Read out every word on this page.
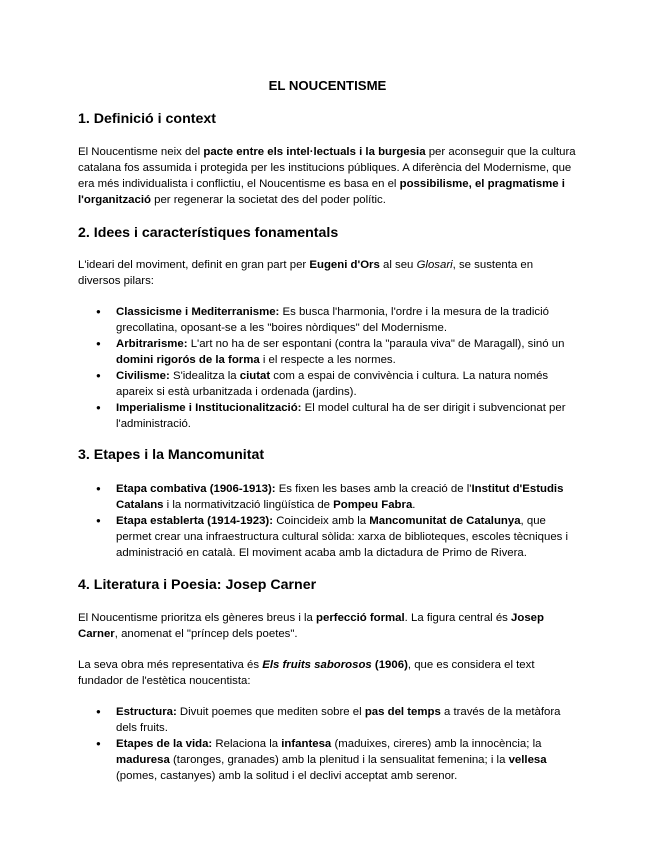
EL NOUCENTISME
1. Definició i context

El Noucentisme neix del pacte entre els intel·lectuals i la burgesia per aconseguir que la cultura catalana fos assumida i protegida per les institucions públiques. A diferència del Modernisme, que era més individualista i conflictiu, el Noucentisme es basa en el possibilisme, el pragmatisme i l'organització per regenerar la societat des del poder polític.

2. Idees i característiques fonamentals

L'ideari del moviment, definit en gran part per Eugeni d'Ors al seu Glosari, se sustenta en diversos pilars:

● Classicisme i Mediterranisme: Es busca l'harmonia, l'ordre i la mesura de la tradició grecollatina, oposant-se a les "boires nòrdiques" del Modernisme.
● Arbitrarisme: L'art no ha de ser espontani (contra la "paraula viva" de Maragall), sinó un domini rigorós de la forma i el respecte a les normes.
● Civilisme: S'idealitza la ciutat com a espai de convivència i cultura. La natura només apareix si està urbanitzada i ordenada (jardins).
● Imperialisme i Institucionalització: El model cultural ha de ser dirigit i subvencionat per l'administració.
3. Etapes i la Mancomunitat
● Etapa combativa (1906-1913): Es fixen les bases amb la creació de l'Institut d'Estudis Catalans i la normativització lingüística de Pompeu Fabra.
● Etapa establerta (1914-1923): Coincideix amb la Mancomunitat de Catalunya, que permet crear una infraestructura cultural sòlida: xarxa de biblioteques, escoles tècniques i administració en català. El moviment acaba amb la dictadura de Primo de Rivera.
4. Literatura i Poesia: Josep Carner

El Noucentisme prioritza els gèneres breus i la perfecció formal. La figura central és Josep Carner, anomenat el "príncep dels poetes".

La seva obra més representativa és Els fruits saborosos (1906), que es considera el text fundador de l'estètica noucentista:

● Estructura: Divuit poemes que mediten sobre el pas del temps a través de la metàfora dels fruits.
● Etapes de la vida: Relaciona la infantesa (maduixes, cireres) amb la innocència; la maduresa (taronges, granades) amb la plenitud i la sensualitat femenina; i la vellesa (pomes, castanyes) amb la solitud i el declivi acceptat amb serenor.
